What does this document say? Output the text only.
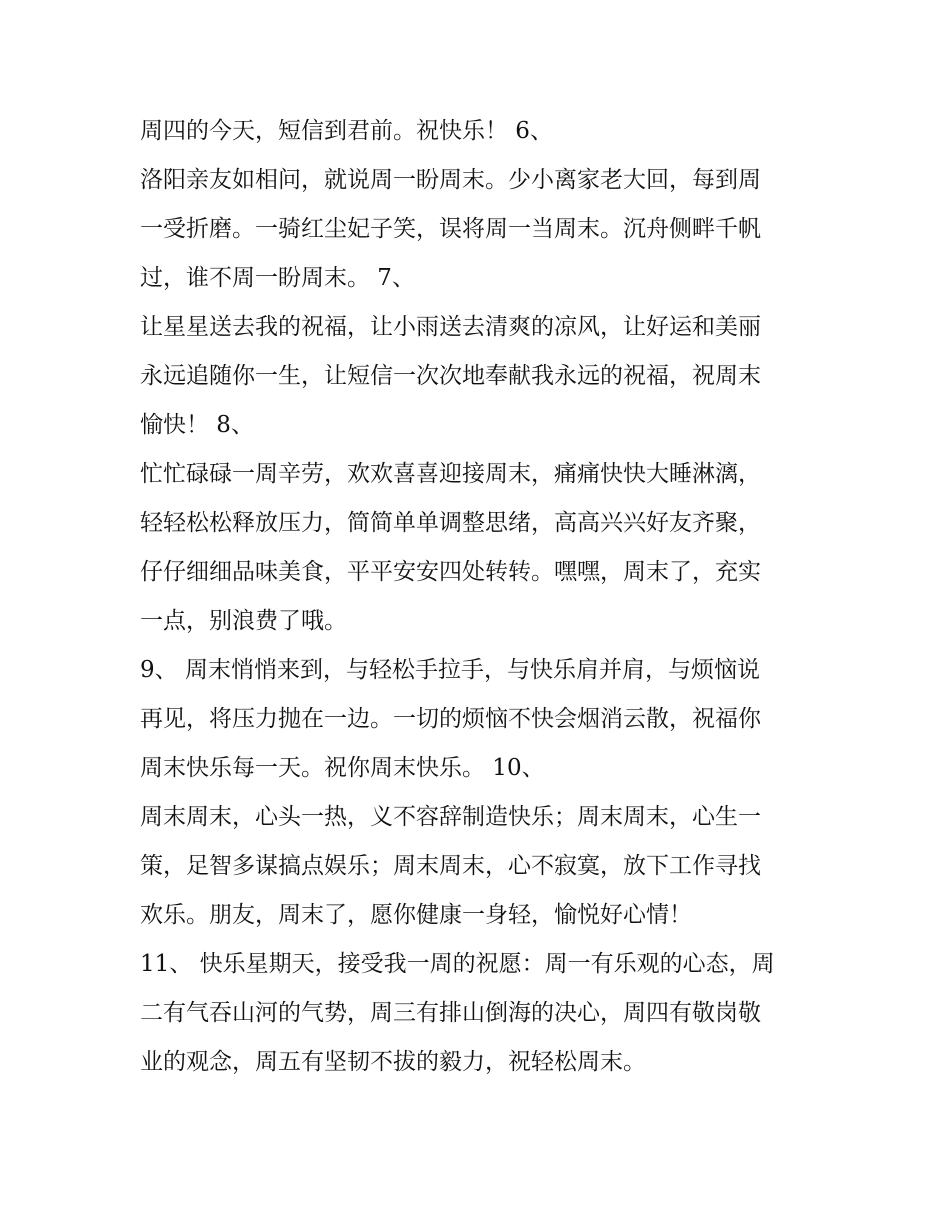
周四的今天，短信到君前。祝快乐！ 6、

洛阳亲友如相问，就说周一盼周末。少小离家老大回，每到周

一受折磨。一骑红尘妃子笑，误将周一当周末。沉舟侧畔千帆

过，谁不周一盼周末。 7、

让星星送去我的祝福，让小雨送去清爽的凉风，让好运和美丽

永远追随你一生，让短信一次次地奉献我永远的祝福，祝周末

愉快！ 8、

忙忙碌碌一周辛劳，欢欢喜喜迎接周末，痛痛快快大睡淋漓，

轻轻松松释放压力，简简单单调整思绪，高高兴兴好友齐聚，

仔仔细细品味美食，平平安安四处转转。嘿嘿，周末了，充实

一点，别浪费了哦。

9、 周末悄悄来到，与轻松手拉手，与快乐肩并肩，与烦恼说

再见，将压力抛在一边。一切的烦恼不快会烟消云散，祝福你

周末快乐每一天。祝你周末快乐。 10、

周末周末，心头一热，义不容辞制造快乐；周末周末，心生一

策，足智多谋搞点娱乐；周末周末，心不寂寞，放下工作寻找

欢乐。朋友，周末了，愿你健康一身轻，愉悦好心情！

11、 快乐星期天，接受我一周的祝愿：周一有乐观的心态，周

二有气吞山河的气势，周三有排山倒海的决心，周四有敬岗敬

业的观念，周五有坚韧不拔的毅力，祝轻松周末。
